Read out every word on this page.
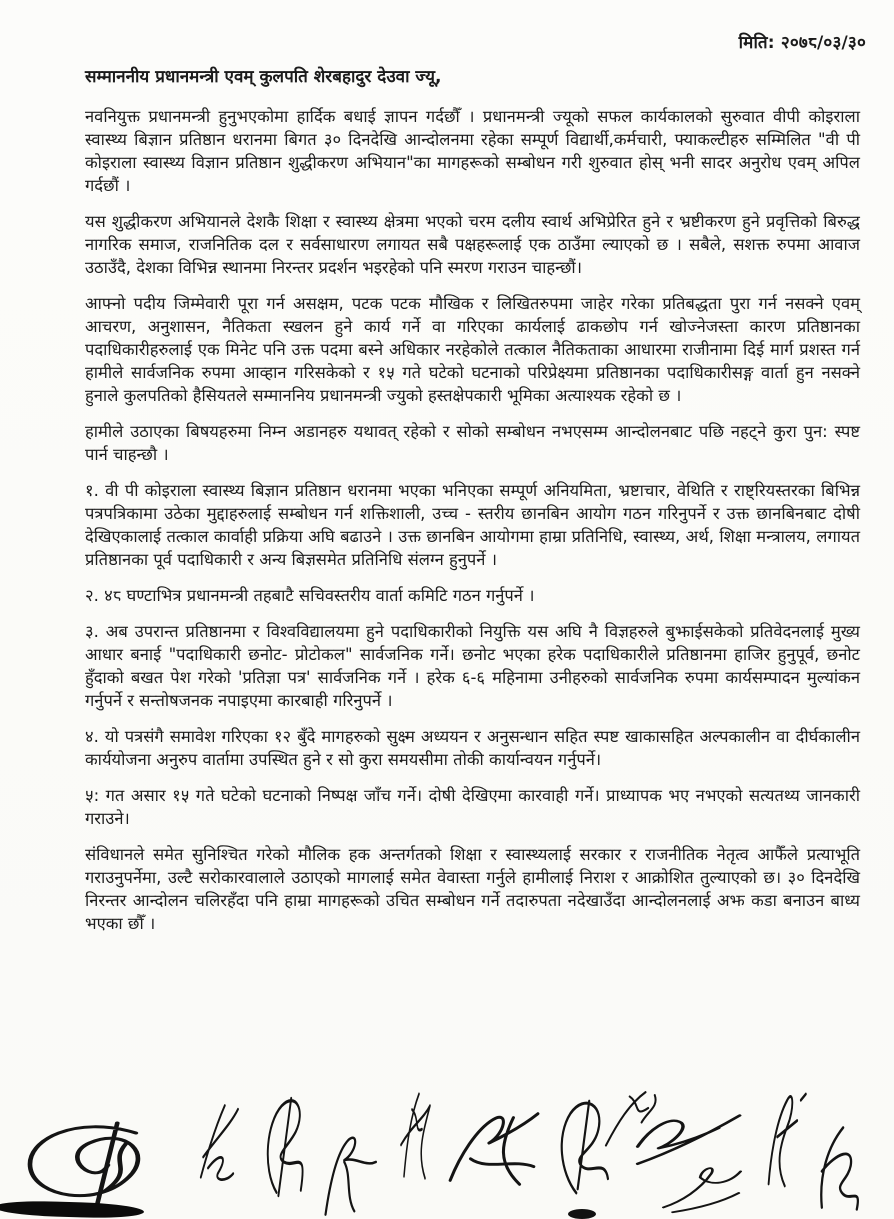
मिति: २०७८/०३/३०
सम्माननीय प्रधानमन्त्री एवम् कुलपति शेरबहादुर देउवा ज्यू,

नवनियुक्त प्रधानमन्त्री हुनुभएकोमा हार्दिक बधाई ज्ञापन गर्दछौँ । प्रधानमन्त्री ज्यूको सफल कार्यकालको सुरुवात वीपी कोइराला स्वास्थ्य बिज्ञान प्रतिष्ठान धरानमा बिगत ३० दिनदेखि आन्दोलनमा रहेका सम्पूर्ण विद्यार्थी,कर्मचारी, फ्याकल्टीहरु सम्मिलित "वी पी कोइराला स्वास्थ्य विज्ञान प्रतिष्ठान शुद्धीकरण अभियान"का मागहरूको सम्बोधन गरी शुरुवात होस् भनी सादर अनुरोध एवम् अपिल गर्दछौं ।

यस शुद्धीकरण अभियानले देशकै शिक्षा र स्वास्थ्य क्षेत्रमा भएको चरम दलीय स्वार्थ अभिप्रेरित हुने र भ्रष्टीकरण हुने प्रवृत्तिको बिरुद्ध नागरिक समाज, राजनितिक दल र सर्वसाधारण लगायत सबै पक्षहरूलाई एक ठाउँमा ल्याएको छ । सबैले, सशक्त रुपमा आवाज उठाउँदै, देशका विभिन्न स्थानमा निरन्तर प्रदर्शन भइरहेको पनि स्मरण गराउन चाहन्छौं।

आफ्नो पदीय जिम्मेवारी पूरा गर्न असक्षम, पटक पटक मौखिक र लिखितरुपमा जाहेर गरेका प्रतिबद्धता पुरा गर्न नसक्ने एवम् आचरण, अनुशासन, नैतिकता स्खलन हुने कार्य गर्ने वा गरिएका कार्यलाई ढाकछोप गर्न खोज्नेजस्ता कारण प्रतिष्ठानका पदाधिकारीहरुलाई एक मिनेट पनि उक्त पदमा बस्ने अधिकार नरहेकोले तत्काल नैतिकताका आधारमा राजीनामा दिई मार्ग प्रशस्त गर्न हामीले सार्वजनिक रुपमा आव्हान गरिसकेको र १५ गते घटेको घटनाको परिप्रेक्ष्यमा प्रतिष्ठानका पदाधिकारीसङ्ग वार्ता हुन नसक्ने हुनाले कुलपतिको हैसियतले सम्माननिय प्रधानमन्त्री ज्युको हस्तक्षेपकारी भूमिका अत्याश्यक रहेको छ ।

हामीले उठाएका बिषयहरुमा निम्न अडानहरु यथावत् रहेको र सोको सम्बोधन नभएसम्म आन्दोलनबाट पछि नहट्ने कुरा पुन: स्पष्ट पार्न चाहन्छौ ।

१. वी पी कोइराला स्वास्थ्य बिज्ञान प्रतिष्ठान धरानमा भएका भनिएका सम्पूर्ण अनियमिता, भ्रष्टाचार, वेथिति र राष्ट्रियस्तरका बिभिन्न पत्रपत्रिकामा उठेका मुद्दाहरुलाई सम्बोधन गर्न शक्तिशाली, उच्च - स्तरीय छानबिन आयोग गठन गरिनुपर्ने र उक्त छानबिनबाट दोषी देखिएकालाई तत्काल कार्वाही प्रक्रिया अघि बढाउने । उक्त छानबिन आयोगमा हाम्रा प्रतिनिधि, स्वास्थ्य, अर्थ, शिक्षा मन्त्रालय, लगायत प्रतिष्ठानका पूर्व पदाधिकारी र अन्य बिज्ञसमेत प्रतिनिधि संलग्न हुनुपर्ने ।

२. ४८ घण्टाभित्र प्रधानमन्त्री तहबाटै सचिवस्तरीय वार्ता कमिटि गठन गर्नुपर्ने ।

३. अब उपरान्त प्रतिष्ठानमा र विश्वविद्यालयमा हुने पदाधिकारीको नियुक्ति यस अघि नै विज्ञहरुले बुझाईसकेको प्रतिवेदनलाई मुख्य आधार बनाई "पदाधिकारी छनोट- प्रोटोकल" सार्वजनिक गर्ने। छनोट भएका हरेक पदाधिकारीले प्रतिष्ठानमा हाजिर हुनुपूर्व, छनोट हुँदाको बखत पेश गरेको 'प्रतिज्ञा पत्र' सार्वजनिक गर्ने । हरेक ६-६ महिनामा उनीहरुको सार्वजनिक रुपमा कार्यसम्पादन मुल्यांकन गर्नुपर्ने र सन्तोषजनक नपाइएमा कारबाही गरिनुपर्ने ।

४. यो पत्रसंगै समावेश गरिएका १२ बुँदे मागहरुको सुक्ष्म अध्ययन र अनुसन्धान सहित स्पष्ट खाकासहित अल्पकालीन वा दीर्घकालीन कार्ययोजना अनुरुप वार्तामा उपस्थित हुने र सो कुरा समयसीमा तोकी कार्यान्वयन गर्नुपर्ने।

५: गत असार १५ गते घटेको घटनाको निष्पक्ष जाँच गर्ने। दोषी देखिएमा कारवाही गर्ने। प्राध्यापक भए नभएको सत्यतथ्य जानकारी गराउने।

संविधानले समेत सुनिश्चित गरेको मौलिक हक अन्तर्गतको शिक्षा र स्वास्थ्यलाई सरकार र राजनीतिक नेतृत्व आफैँले प्रत्याभूति गराउनुपर्नेमा, उल्टै सरोकारवालाले उठाएको मागलाई समेत वेवास्ता गर्नुले हामीलाई निराश र आक्रोशित तुल्याएको छ। ३० दिनदेखि निरन्तर आन्दोलन चलिरहँदा पनि हाम्रा मागहरूको उचित सम्बोधन गर्ने तदारुपता नदेखाउँदा आन्दोलनलाई अझ कडा बनाउन बाध्य भएका छौँ ।
